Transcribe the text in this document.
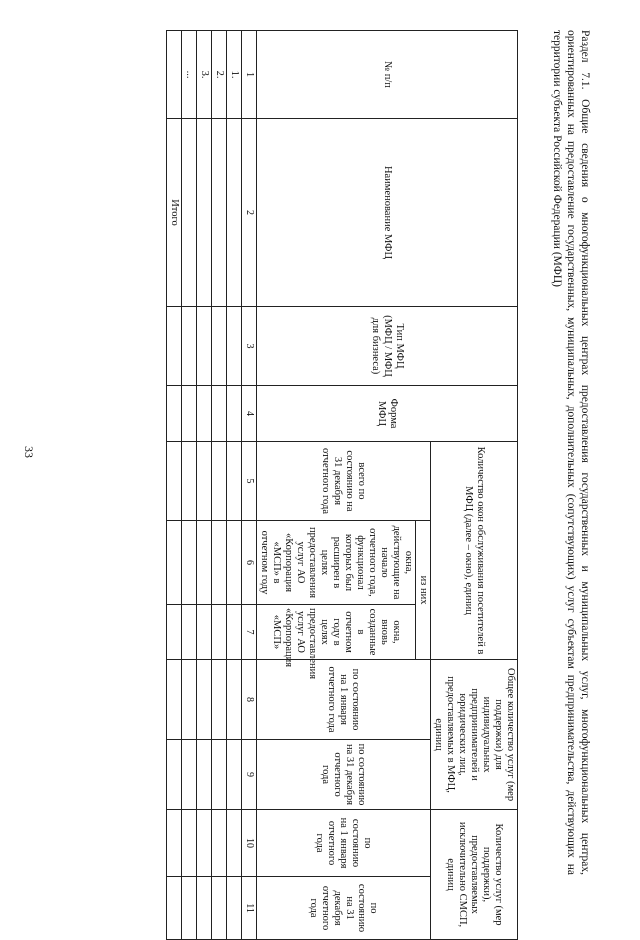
33	Раздел 7.1. Общие сведения о многофункциональных центрах предоставления государственных и муниципальных услуг, многофункциональных центрах, ориентированных на предоставление государственных, муниципальных, дополнительных (сопутствующих) услуг субъектам предпринимательства, действующих на территории субъекта Российской Федерации (МФЦ)
№ п/п	Наименование МФЦ	Тип МФЦ (МФЦ / МФЦ для бизнеса)	Форма МФЦ	Количество окон обслуживания посетителей в МФЦ (далее – окно), единиц			Общее количество услуг (мер поддержки) для индивидуальных предпринимателей и юридических лиц, предоставляемых в МФЦ, единиц		Количество услуг (мер поддержки), предоставляемых исключительно СМСП, единиц	
				всего по состоянию на 31 декабря отчетного года	из них		по состоянию на 1 января отчетного года	по состоянию на 31 декабря отчетного года	по состоянию на 1 января отчетного года	по состоянию на 31 декабря отчетного года
					окна, действующие на начало отчетного года, функционал которых был расширен в целях предоставления услуг АО «Корпорация «МСП» в отчетном году	окна, вновь созданные в отчетном году в целях предоставления услуг АО «Корпорация «МСП»				
1	2	3	4	5	6	7	8	9	10	11
1.										
2.										
3.										
...										
	Итого									
